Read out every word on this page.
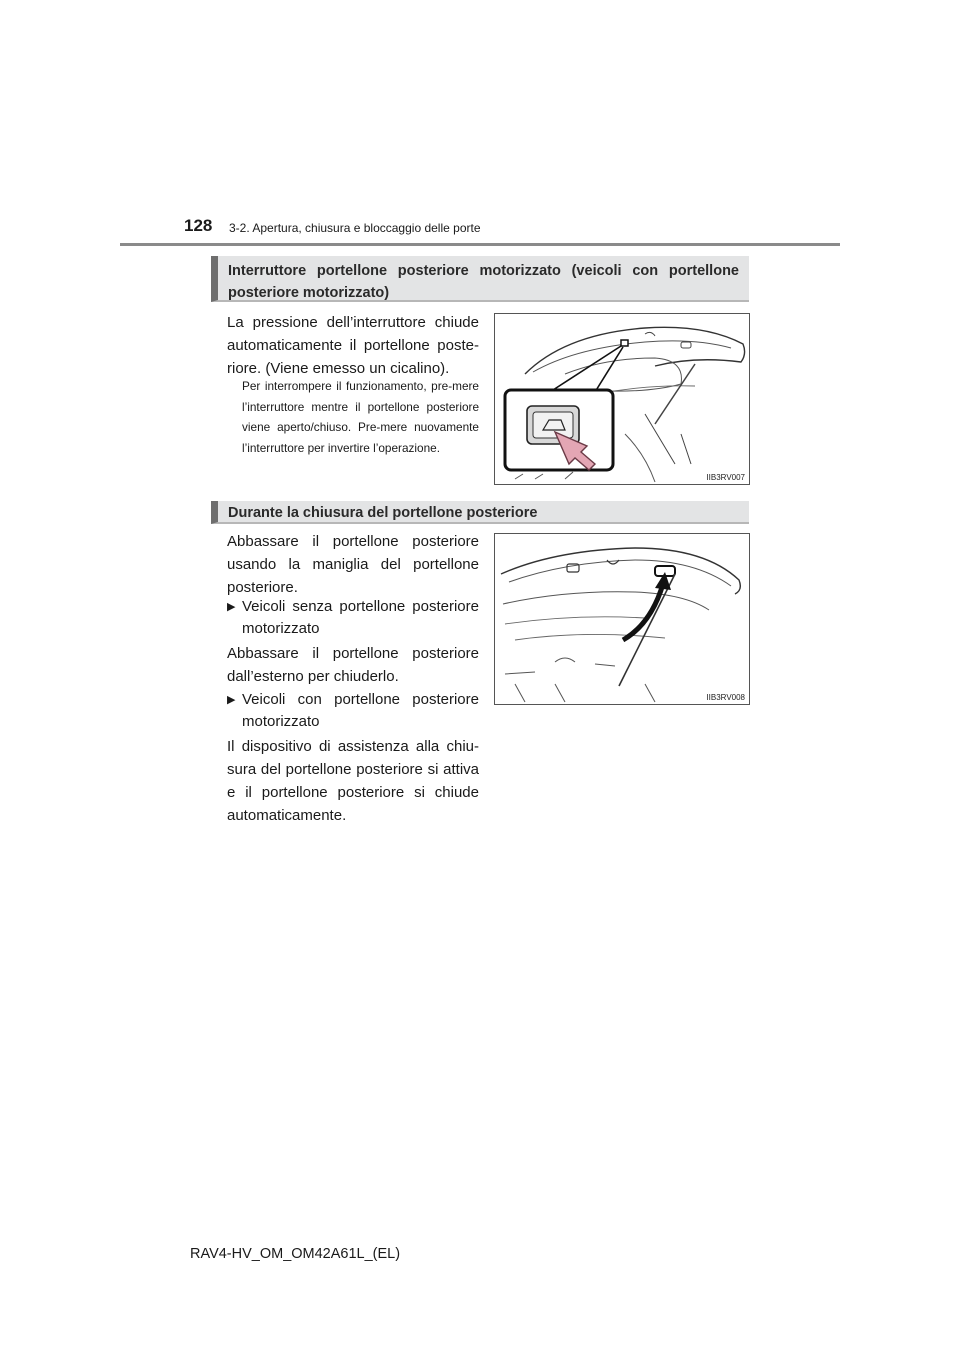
128 3-2. Apertura, chiusura e bloccaggio delle porte
Interruttore portellone posteriore motorizzato (veicoli con portellone posteriore motorizzato)

La pressione dell’interruttore chiude automaticamente il portellone poste-riore. (Viene emesso un cicalino).

Per interrompere il funzionamento, pre-mere l’interruttore mentre il portellone posteriore viene aperto/chiuso. Pre-mere nuovamente l’interruttore per invertire l’operazione.

IIB3RV007
Durante la chiusura del portellone posteriore

Abbassare il portellone posteriore usando la maniglia del portellone posteriore.

▶ Veicoli senza portellone posteriore motorizzato

Abbassare il portellone posteriore dall’esterno per chiuderlo.

▶ Veicoli con portellone posteriore motorizzato

Il dispositivo di assistenza alla chiu-sura del portellone posteriore si attiva e il portellone posteriore si chiude automaticamente.

IIB3RV008
RAV4-HV_OM_OM42A61L_(EL)
